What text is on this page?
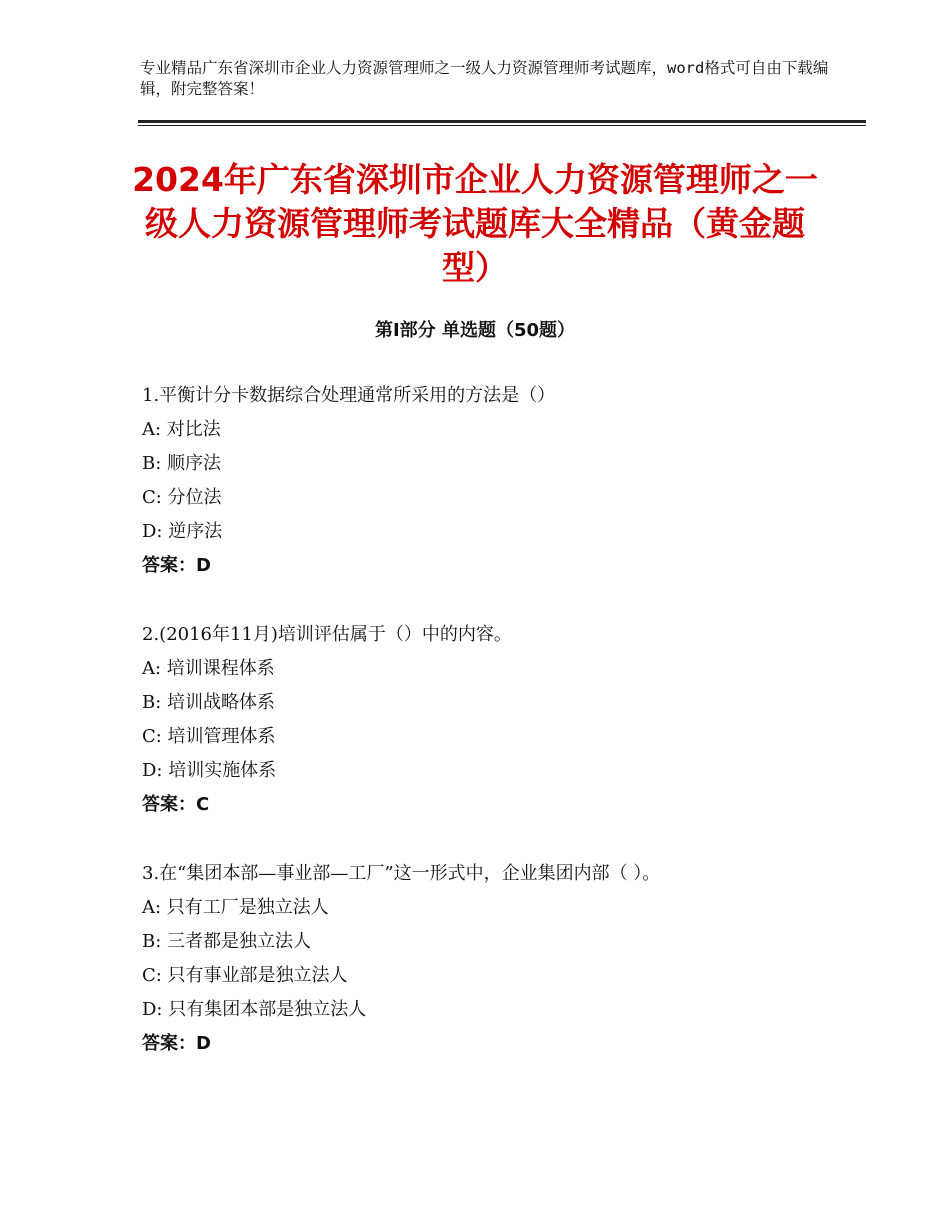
专业精品广东省深圳市企业人力资源管理师之一级人力资源管理师考试题库，word格式可自由下载编辑，附完整答案！
2024年广东省深圳市企业人力资源管理师之一级人力资源管理师考试题库大全精品（黄金题型）
第Ⅰ部分 单选题（50题）
1.平衡计分卡数据综合处理通常所采用的方法是（）
A: 对比法
B: 顺序法
C: 分位法
D: 逆序法
答案：D
2.(2016年11月)培训评估属于（）中的内容。
A: 培训课程体系
B: 培训战略体系
C: 培训管理体系
D: 培训实施体系
答案：C
3.在“集团本部—事业部—工厂”这一形式中，企业集团内部（ ）。
A: 只有工厂是独立法人
B: 三者都是独立法人
C: 只有事业部是独立法人
D: 只有集团本部是独立法人
答案：D
